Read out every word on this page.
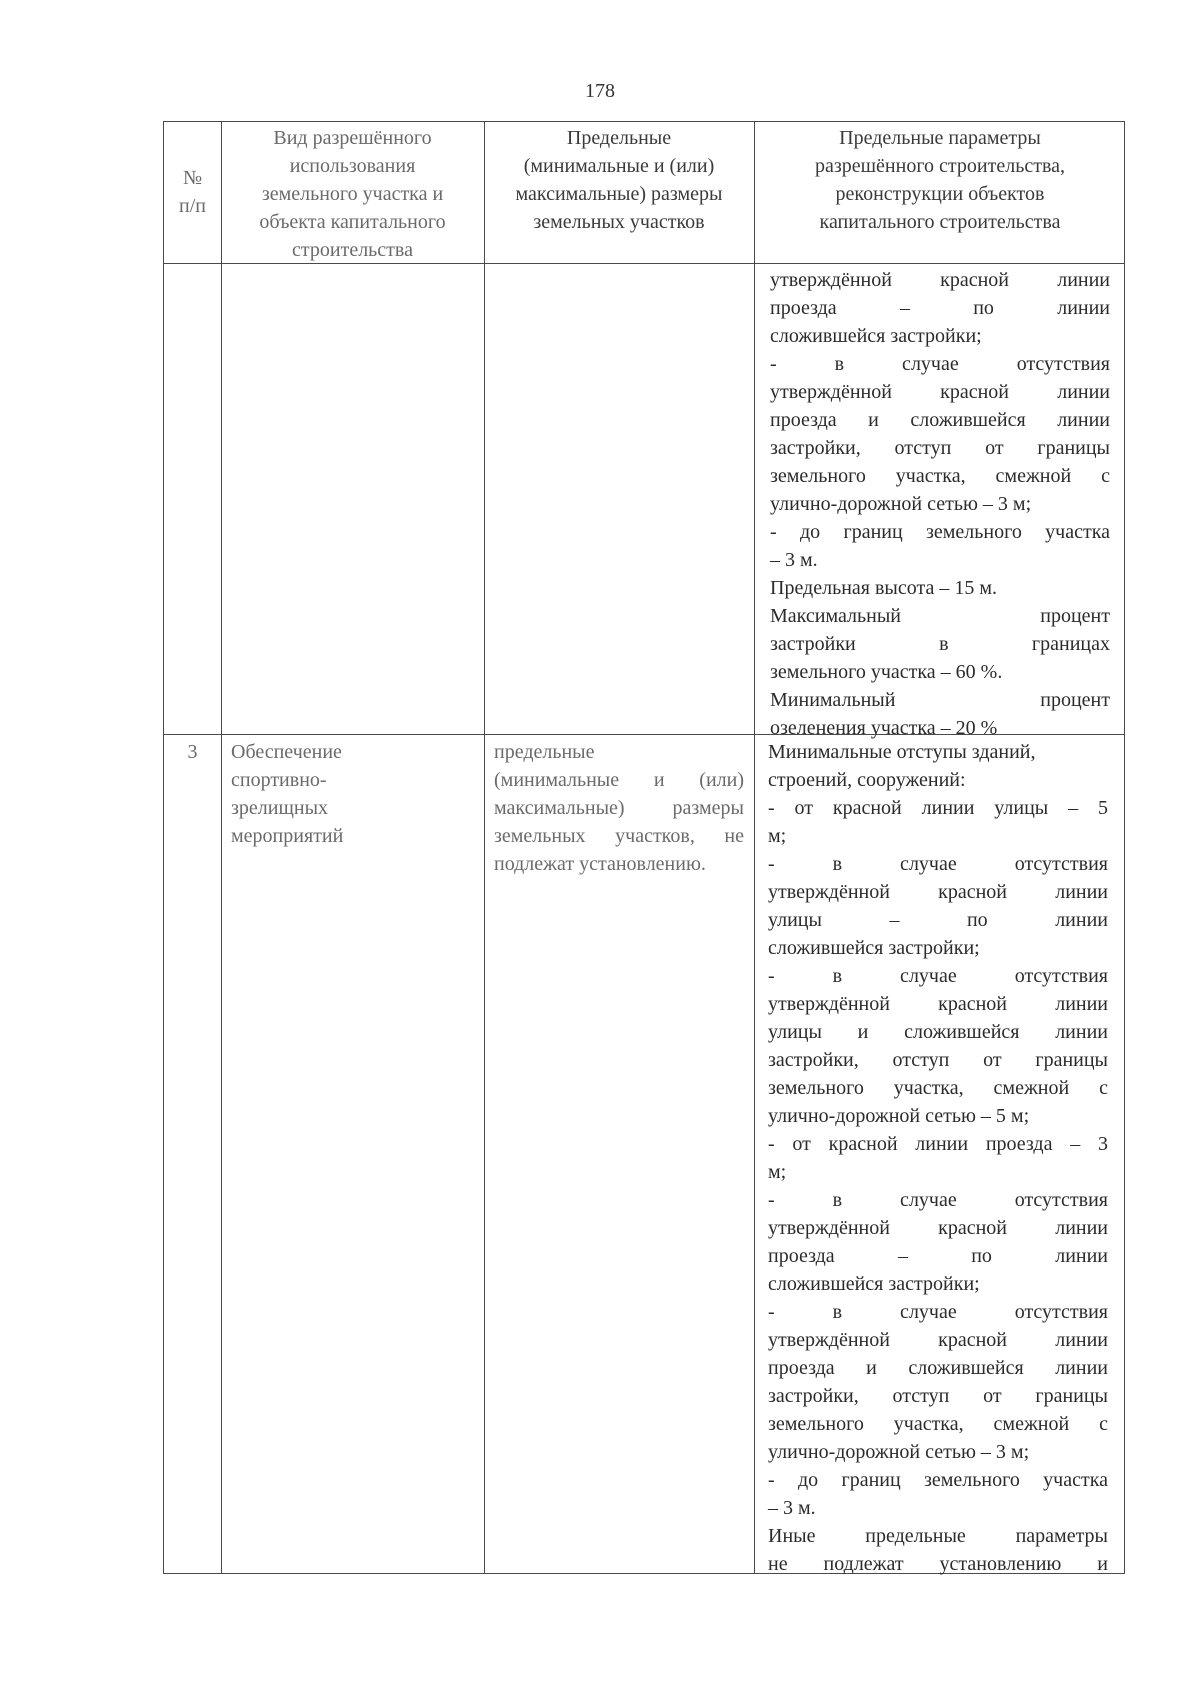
178
№
п/п
Вид разрешённого
использования
земельного участка и
объекта капитального
строительства
Предельные
(минимальные и (или)
максимальные) размеры
земельных участков
Предельные параметры
разрешённого строительства,
реконструкции объектов
капитального строительства
утверждённой красной линии
проезда – по линии
сложившейся застройки;
- в случае отсутствия
утверждённой красной линии
проезда и сложившейся линии
застройки, отступ от границы
земельного участка, смежной с
улично-дорожной сетью – 3 м;
- до границ земельного участка
– 3 м.
Предельная высота – 15 м.
Максимальный процент
застройки в границах
земельного участка – 60 %.
Минимальный процент
озеленения участка – 20 %
3	Обеспечение
спортивно-
зрелищных
мероприятий
предельные
(минимальные и (или)
максимальные) размеры
земельных участков, не
подлежат установлению.
Минимальные отступы зданий,
строений, сооружений:
- от красной линии улицы – 5
м;
- в случае отсутствия
утверждённой красной линии
улицы – по линии
сложившейся застройки;
- в случае отсутствия
утверждённой красной линии
улицы и сложившейся линии
застройки, отступ от границы
земельного участка, смежной с
улично-дорожной сетью – 5 м;
- от красной линии проезда – 3
м;
- в случае отсутствия
утверждённой красной линии
проезда – по линии
сложившейся застройки;
- в случае отсутствия
утверждённой красной линии
проезда и сложившейся линии
застройки, отступ от границы
земельного участка, смежной с
улично-дорожной сетью – 3 м;
- до границ земельного участка
– 3 м.
Иные предельные параметры
не подлежат установлению и
